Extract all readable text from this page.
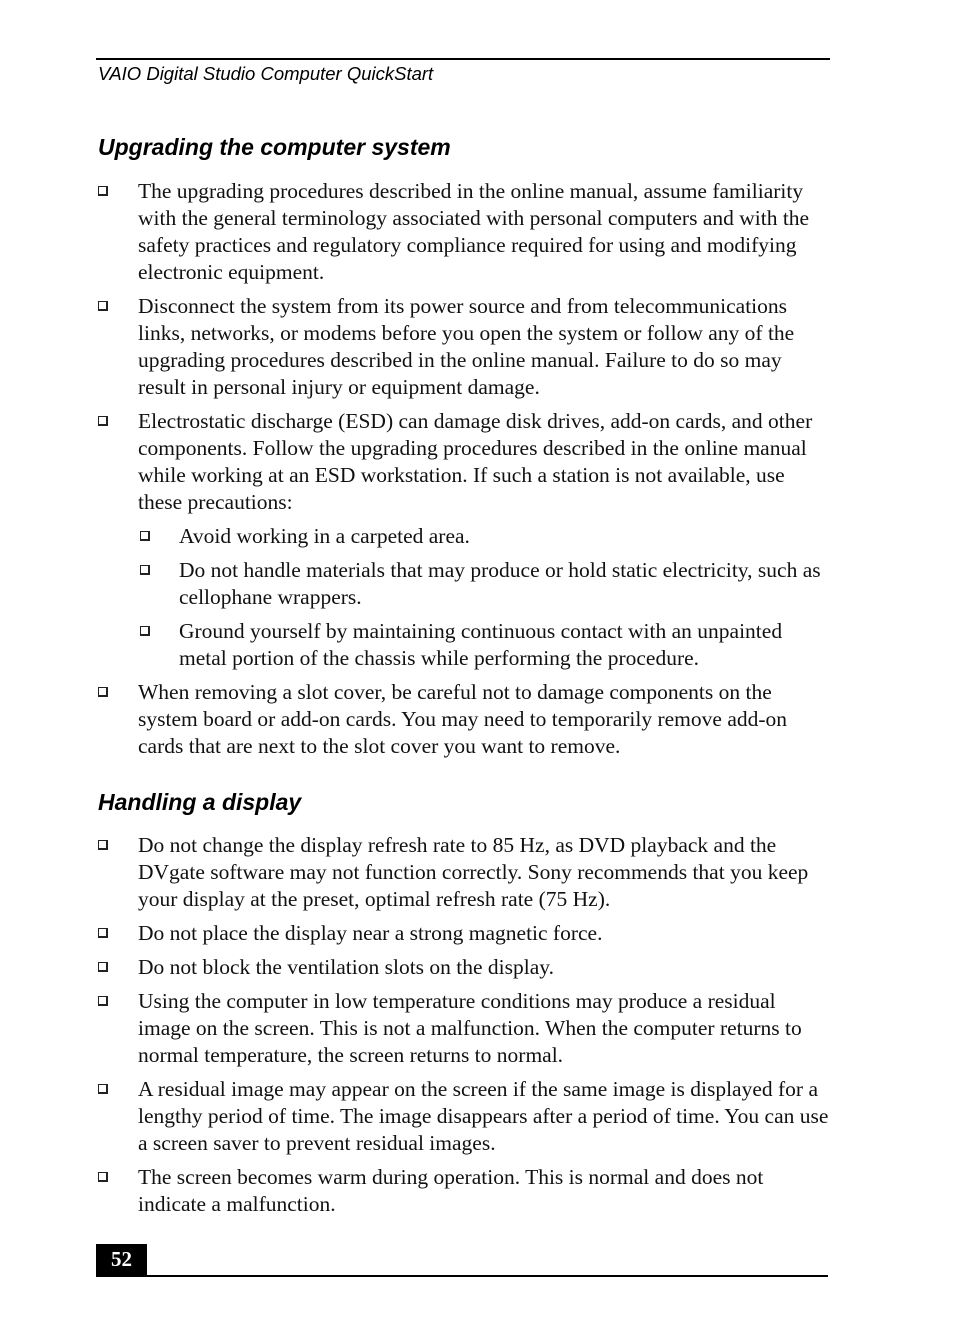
VAIO Digital Studio Computer QuickStart
Upgrading the computer system
The upgrading procedures described in the online manual, assume familiarity with the general terminology associated with personal computers and with the safety practices and regulatory compliance required for using and modifying electronic equipment.
Disconnect the system from its power source and from telecommunications links, networks, or modems before you open the system or follow any of the upgrading procedures described in the online manual. Failure to do so may result in personal injury or equipment damage.
Electrostatic discharge (ESD) can damage disk drives, add-on cards, and other components. Follow the upgrading procedures described in the online manual while working at an ESD workstation. If such a station is not available, use these precautions:
Avoid working in a carpeted area.
Do not handle materials that may produce or hold static electricity, such as cellophane wrappers.
Ground yourself by maintaining continuous contact with an unpainted metal portion of the chassis while performing the procedure.
When removing a slot cover, be careful not to damage components on the system board or add-on cards. You may need to temporarily remove add-on cards that are next to the slot cover you want to remove.
Handling a display
Do not change the display refresh rate to 85 Hz, as DVD playback and the DVgate software may not function correctly. Sony recommends that you keep your display at the preset, optimal refresh rate (75 Hz).
Do not place the display near a strong magnetic force.
Do not block the ventilation slots on the display.
Using the computer in low temperature conditions may produce a residual image on the screen. This is not a malfunction. When the computer returns to normal temperature, the screen returns to normal.
A residual image may appear on the screen if the same image is displayed for a lengthy period of time. The image disappears after a period of time. You can use a screen saver to prevent residual images.
The screen becomes warm during operation. This is normal and does not indicate a malfunction.
52
